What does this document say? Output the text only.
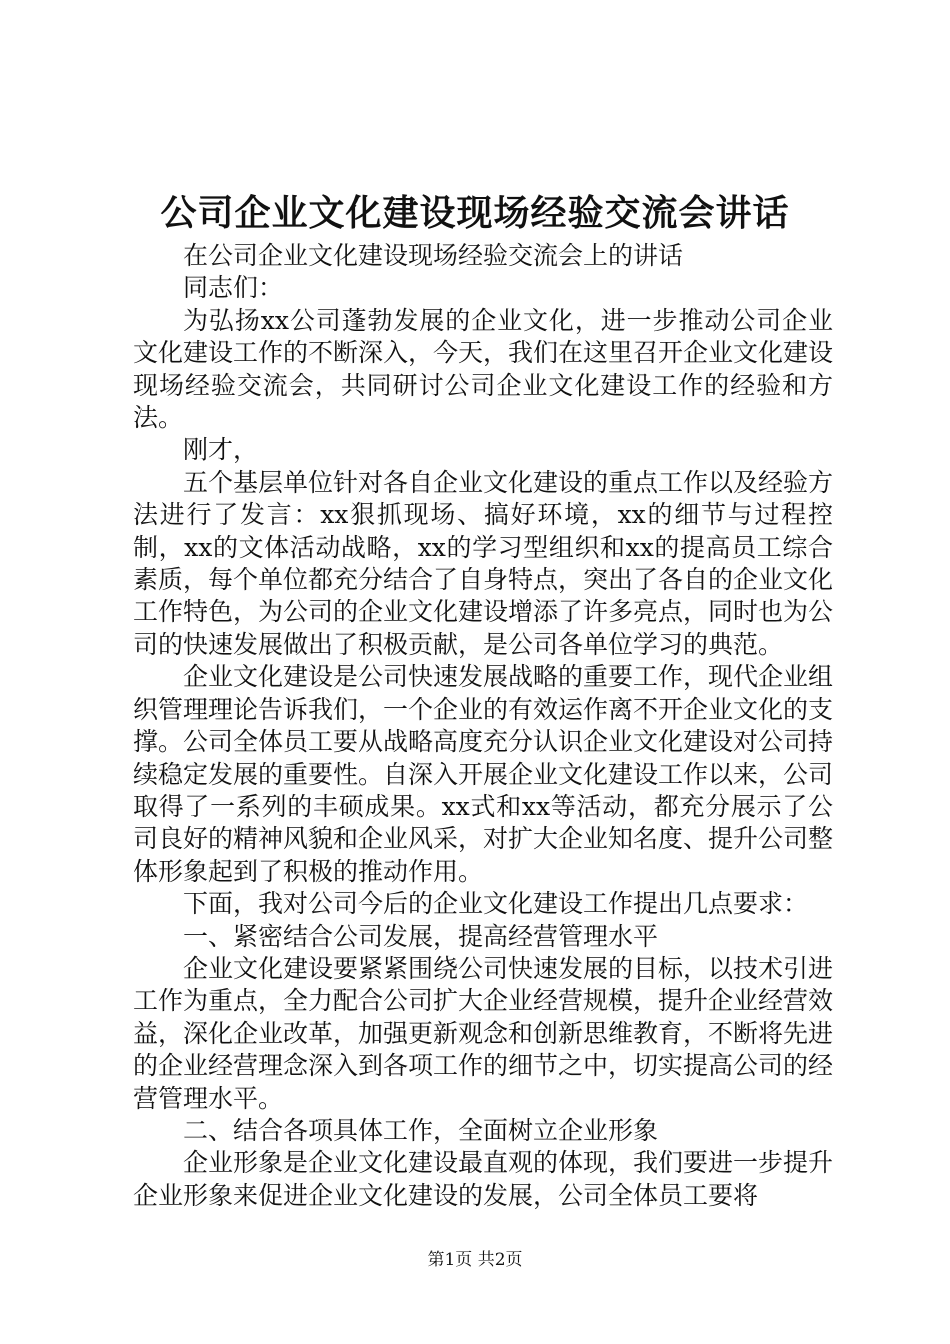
公司企业文化建设现场经验交流会讲话

在公司企业文化建设现场经验交流会上的讲话

同志们：

为弘扬xx公司蓬勃发展的企业文化，进一步推动公司企业文化建设工作的不断深入，今天，我们在这里召开企业文化建设现场经验交流会，共同研讨公司企业文化建设工作的经验和方法。

刚才，

五个基层单位针对各自企业文化建设的重点工作以及经验方法进行了发言：xx狠抓现场、搞好环境，xx的细节与过程控制，xx的文体活动战略，xx的学习型组织和xx的提高员工综合素质，每个单位都充分结合了自身特点，突出了各自的企业文化工作特色，为公司的企业文化建设增添了许多亮点，同时也为公司的快速发展做出了积极贡献，是公司各单位学习的典范。

企业文化建设是公司快速发展战略的重要工作，现代企业组织管理理论告诉我们，一个企业的有效运作离不开企业文化的支撑。公司全体员工要从战略高度充分认识企业文化建设对公司持续稳定发展的重要性。自深入开展企业文化建设工作以来，公司取得了一系列的丰硕成果。xx式和xx等活动，都充分展示了公司良好的精神风貌和企业风采，对扩大企业知名度、提升公司整体形象起到了积极的推动作用。

下面，我对公司今后的企业文化建设工作提出几点要求：

一、紧密结合公司发展，提高经营管理水平

企业文化建设要紧紧围绕公司快速发展的目标，以技术引进工作为重点，全力配合公司扩大企业经营规模，提升企业经营效益，深化企业改革，加强更新观念和创新思维教育，不断将先进的企业经营理念深入到各项工作的细节之中，切实提高公司的经营管理水平。

二、结合各项具体工作，全面树立企业形象

企业形象是企业文化建设最直观的体现，我们要进一步提升企业形象来促进企业文化建设的发展，公司全体员工要将

第1页 共2页
